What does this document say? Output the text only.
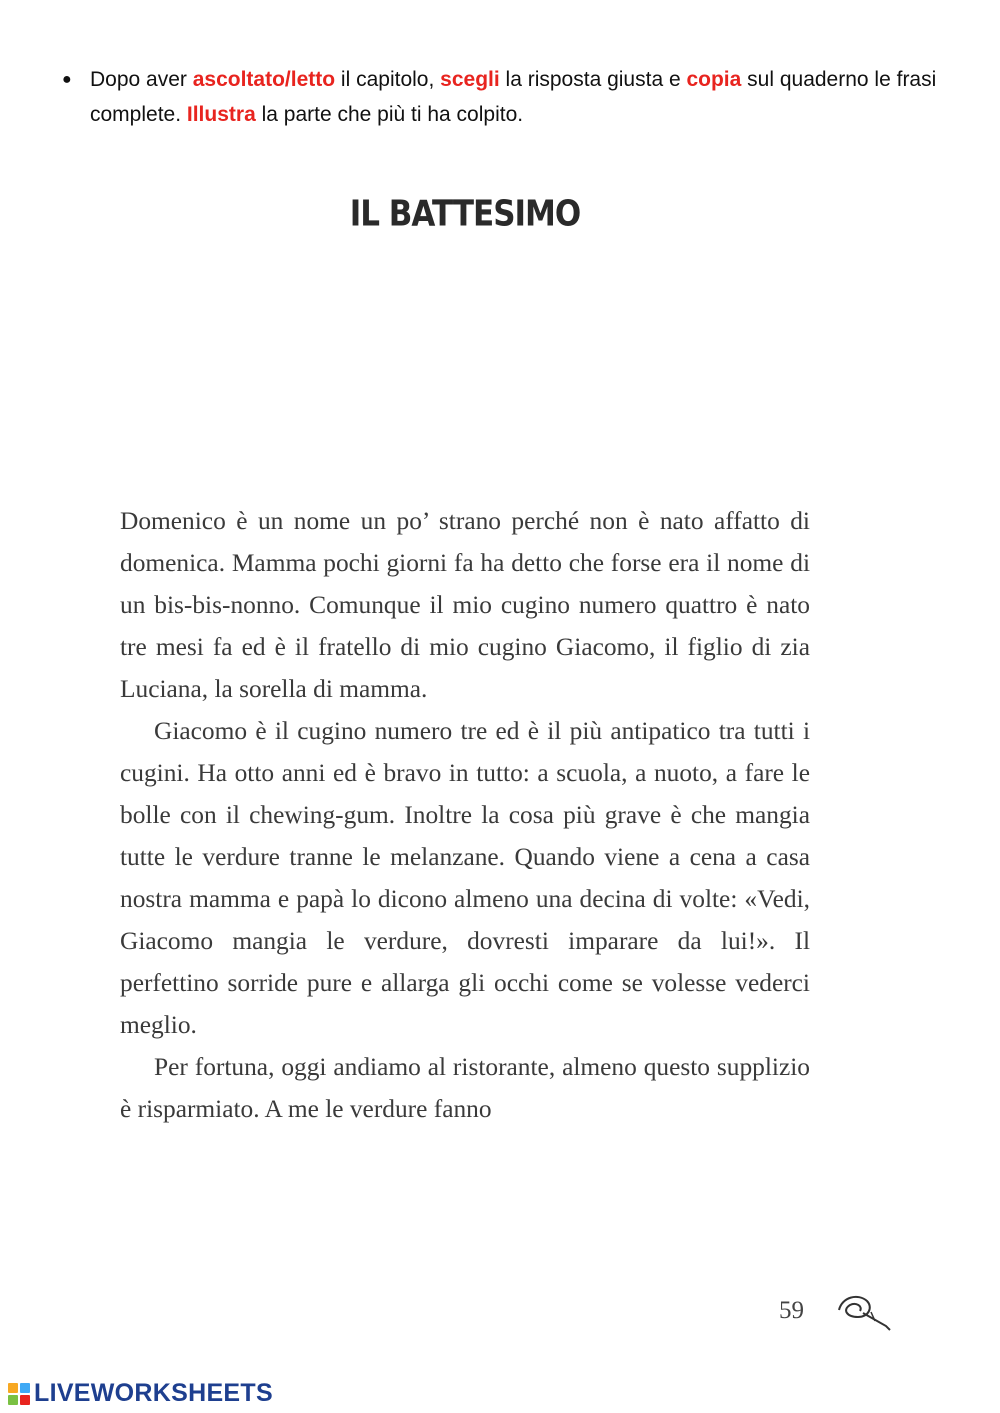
● Dopo aver ascoltato/letto il capitolo, scegli la risposta giusta e copia sul quaderno le frasi complete. Illustra la parte che più ti ha colpito.
IL BATTESIMO

Domenico è un nome un po’ strano perché non è nato affatto di domenica. Mamma pochi giorni fa ha detto che forse era il nome di un bis-bis-nonno. Comunque il mio cugino numero quattro è nato tre mesi fa ed è il fratello di mio cugino Giacomo, il figlio di zia Luciana, la sorella di mamma.

Giacomo è il cugino numero tre ed è il più antipatico tra tutti i cugini. Ha otto anni ed è bravo in tutto: a scuola, a nuoto, a fare le bolle con il chewing-gum. Inoltre la cosa più grave è che mangia tutte le verdure tranne le melanzane. Quando viene a cena a casa nostra mamma e papà lo dicono almeno una decina di volte: «Vedi, Giacomo mangia le verdure, dovresti imparare da lui!». Il perfettino sorride pure e allarga gli occhi come se volesse vederci meglio.

Per fortuna, oggi andiamo al ristorante, almeno questo supplizio è risparmiato. A me le verdure fanno

59
LIVEWORKSHEETS
